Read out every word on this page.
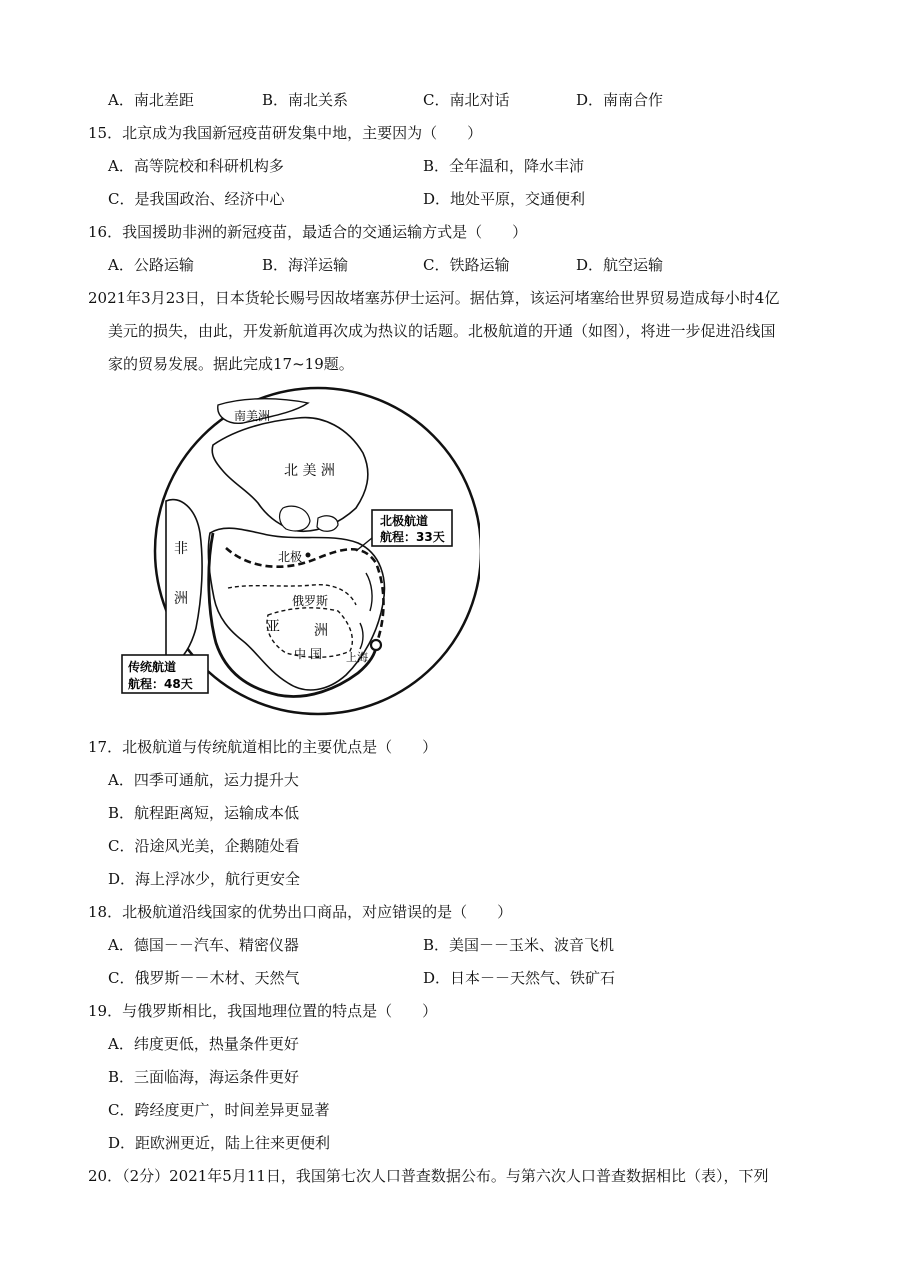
A．南北差距	B．南北关系	C．南北对话	D．南南合作
15．北京成为我国新冠疫苗研发集中地，主要因为（　　）
A．高等院校和科研机构多	B．全年温和，降水丰沛
C．是我国政治、经济中心	D．地处平原，交通便利
16．我国援助非洲的新冠疫苗，最适合的交通运输方式是（　　）
A．公路运输	B．海洋运输	C．铁路运输	D．航空运输
2021年3月23日，日本货轮长赐号因故堵塞苏伊士运河。据估算，该运河堵塞给世界贸易造成每小时4亿
美元的损失，由此，开发新航道再次成为热议的话题。北极航道的开通（如图），将进一步促进沿线国
家的贸易发展。据此完成17~19题。
南美洲
北 美 洲
非
洲
北极
俄罗斯
亚 洲
中 国 上海
北极航道
航程：33天
传统航道
航程：48天
17．北极航道与传统航道相比的主要优点是（　　）
A．四季可通航，运力提升大
B．航程距离短，运输成本低
C．沿途风光美，企鹅随处看
D．海上浮冰少，航行更安全
18．北极航道沿线国家的优势出口商品，对应错误的是（　　）
A．德国－－汽车、精密仪器	B．美国－－玉米、波音飞机
C．俄罗斯－－木材、天然气	D．日本－－天然气、铁矿石
19．与俄罗斯相比，我国地理位置的特点是（　　）
A．纬度更低，热量条件更好
B．三面临海，海运条件更好
C．跨经度更广，时间差异更显著
D．距欧洲更近，陆上往来更便利
20．（2分）2021年5月11日，我国第七次人口普查数据公布。与第六次人口普查数据相比（表），下列
